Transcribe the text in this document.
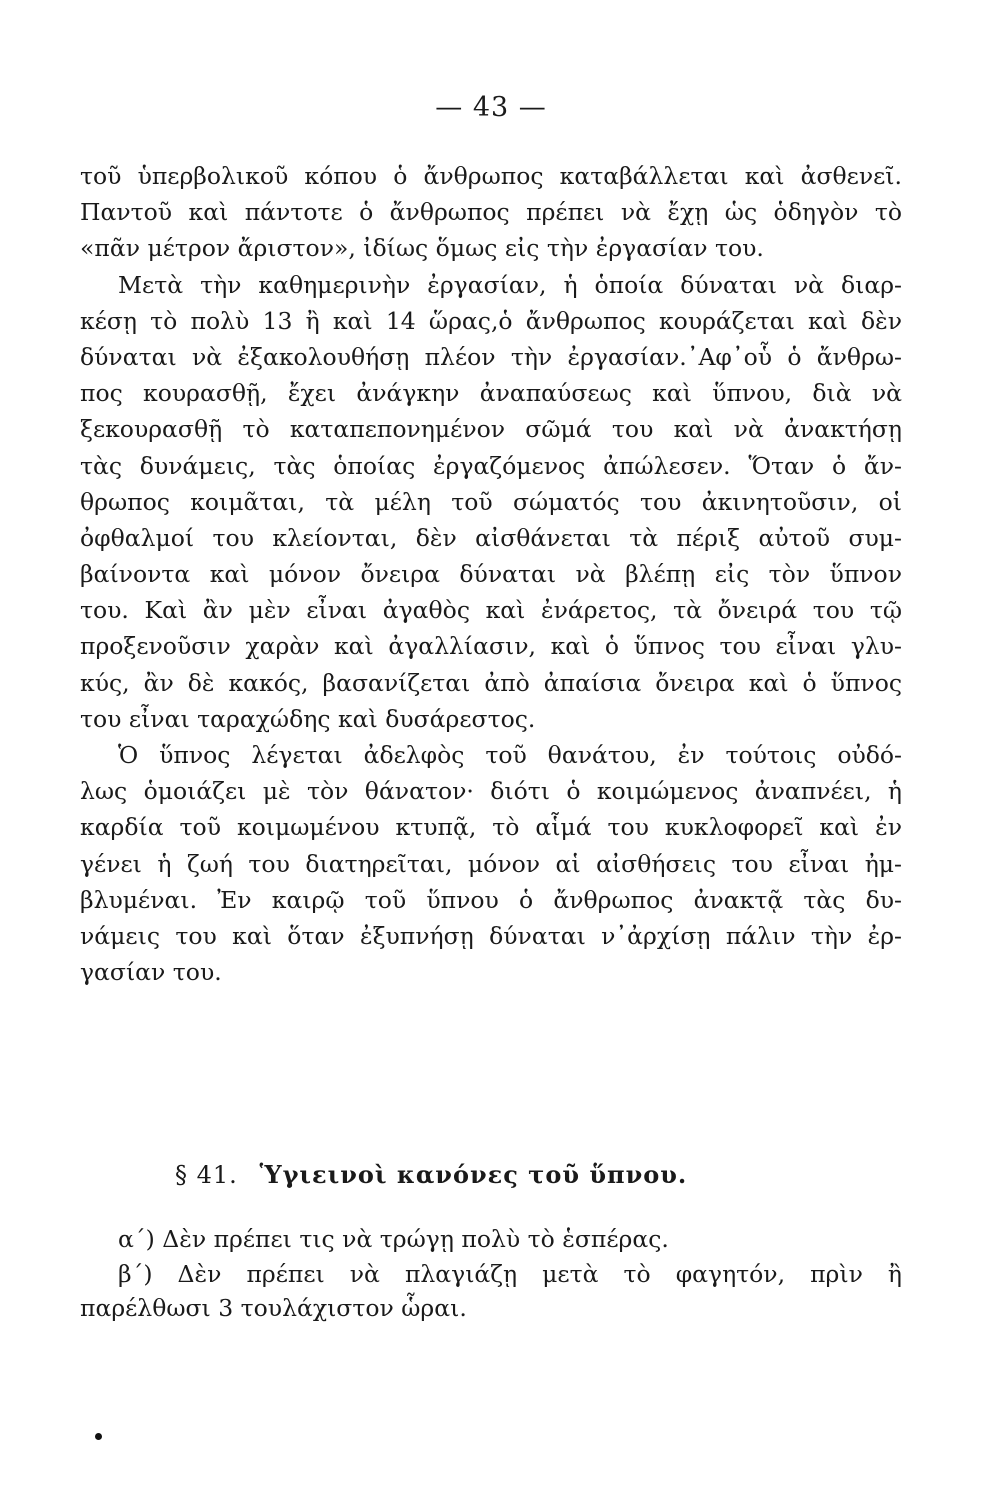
— 43 —
τοῦ ὑπερβολικοῦ κόπου ὁ ἄνθρωπος καταβάλλεται καὶ ἀσθενεῖ.
Παντοῦ καὶ πάντοτε ὁ ἄνθρωπος πρέπει νὰ ἔχῃ ὡς ὁδηγὸν τὸ
«πᾶν μέτρον ἄριστον», ἰδίως ὅμως εἰς τὴν ἐργασίαν του.
Μετὰ τὴν καθημερινὴν ἐργασίαν, ἡ ὁποία δύναται νὰ διαρ-
κέσῃ τὸ πολὺ 13 ἢ καὶ 14 ὥρας,ὁ ἄνθρωπος κουράζεται καὶ δὲν
δύναται νὰ ἐξακολουθήσῃ πλέον τὴν ἐργασίαν.᾿Αφ᾿οὗ ὁ ἄνθρω-
πος κουρασθῇ, ἔχει ἀνάγκην ἀναπαύσεως καὶ ὕπνου, διὰ νὰ
ξεκουρασθῇ τὸ καταπεπονημένον σῶμά του καὶ νὰ ἀνακτήσῃ
τὰς δυνάμεις, τὰς ὁποίας ἐργαζόμενος ἀπώλεσεν. Ὅταν ὁ ἄν-
θρωπος κοιμᾶται, τὰ μέλη τοῦ σώματός του ἀκινητοῦσιν, οἱ
ὀφθαλμοί του κλείονται, δὲν αἰσθάνεται τὰ πέριξ αὐτοῦ συμ-
βαίνοντα καὶ μόνον ὄνειρα δύναται νὰ βλέπῃ εἰς τὸν ὕπνον
του. Καὶ ἂν μὲν εἶναι ἀγαθὸς καὶ ἐνάρετος, τὰ ὄνειρά του τῷ
προξενοῦσιν χαρὰν καὶ ἀγαλλίασιν, καὶ ὁ ὕπνος του εἶναι γλυ-
κύς, ἂν δὲ κακός, βασανίζεται ἀπὸ ἀπαίσια ὄνειρα καὶ ὁ ὕπνος
του εἶναι ταραχώδης καὶ δυσάρεστος.
Ὁ ὕπνος λέγεται ἀδελφὸς τοῦ θανάτου, ἐν τούτοις οὐδό-
λως ὁμοιάζει μὲ τὸν θάνατον· διότι ὁ κοιμώμενος ἀναπνέει, ἡ
καρδία τοῦ κοιμωμένου κτυπᾷ, τὸ αἷμά του κυκλοφορεῖ καὶ ἐν
γένει ἡ ζωή του διατηρεῖται, μόνον αἱ αἰσθήσεις του εἶναι ἠμ-
βλυμέναι. Ἐν καιρῷ τοῦ ὕπνου ὁ ἄνθρωπος ἀνακτᾷ τὰς δυ-
νάμεις του καὶ ὅταν ἐξυπνήσῃ δύναται ν᾿ἀρχίσῃ πάλιν τὴν ἐρ-
γασίαν του.
§ 41. Ὑγιεινοὶ κανόνες τοῦ ὕπνου.
α΄) Δὲν πρέπει τις νὰ τρώγῃ πολὺ τὸ ἑσπέρας.
β΄) Δὲν πρέπει νὰ πλαγιάζῃ μετὰ τὸ φαγητόν, πρὶν ἢ
παρέλθωσι 3 τουλάχιστον ὧραι.
